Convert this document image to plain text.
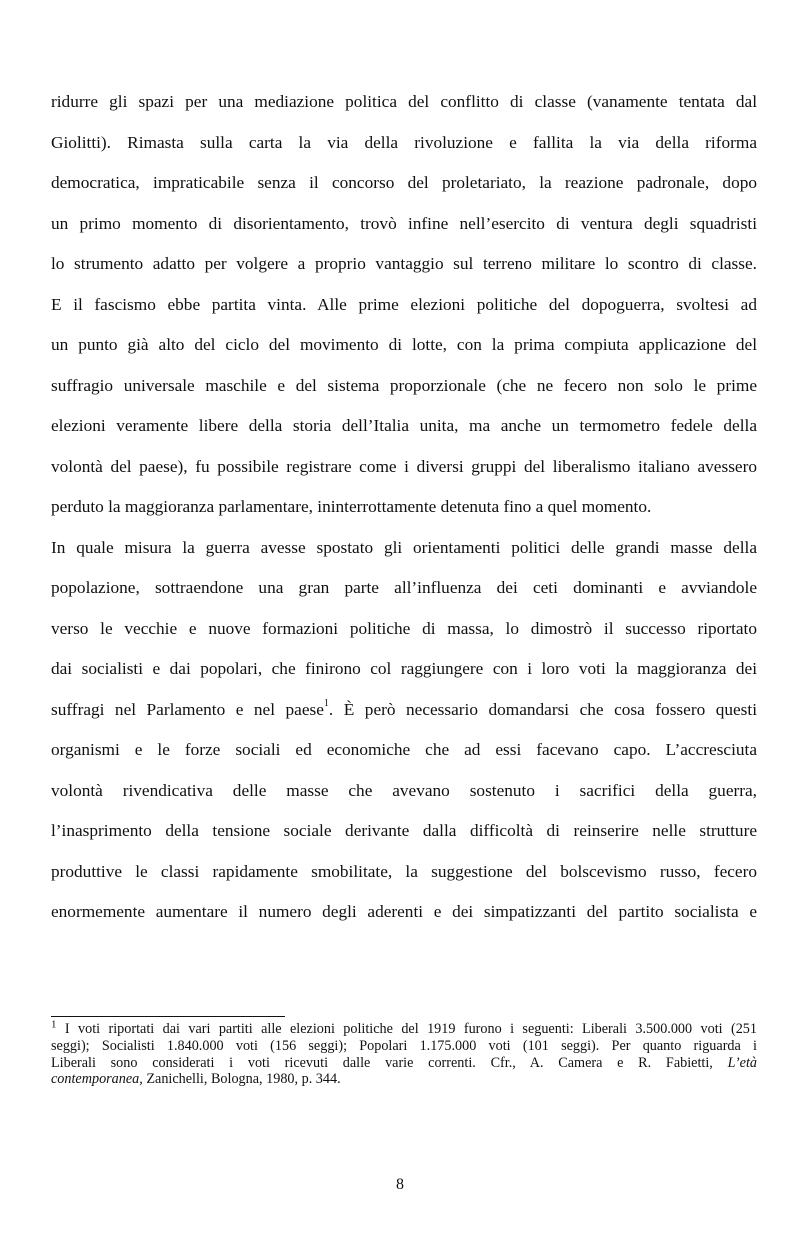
ridurre gli spazi per una mediazione politica del conflitto di classe (vanamente tentata dal
Giolitti). Rimasta sulla carta la via della rivoluzione e fallita la via della riforma
democratica, impraticabile senza il concorso del proletariato, la reazione padronale, dopo
un primo momento di disorientamento, trovò infine nell’esercito di ventura degli squadristi
lo strumento adatto per volgere a proprio vantaggio sul terreno militare lo scontro di classe.
E il fascismo ebbe partita vinta. Alle prime elezioni politiche del dopoguerra, svoltesi ad
un punto già alto del ciclo del movimento di lotte, con la prima compiuta applicazione del
suffragio universale maschile e del sistema proporzionale (che ne fecero non solo le prime
elezioni veramente libere della storia dell’Italia unita, ma anche un termometro fedele della
volontà del paese), fu possibile registrare come i diversi gruppi del liberalismo italiano avessero
perduto la maggioranza parlamentare, ininterrottamente detenuta fino a quel momento.
In quale misura la guerra avesse spostato gli orientamenti politici delle grandi masse della
popolazione, sottraendone una gran parte all’influenza dei ceti dominanti e avviandole
verso le vecchie e nuove formazioni politiche di massa, lo dimostrò il successo riportato
dai socialisti e dai popolari, che finirono col raggiungere con i loro voti la maggioranza dei
suffragi nel Parlamento e nel paese$^1$. È però necessario domandarsi che cosa fossero questi
organismi e le forze sociali ed economiche che ad essi facevano capo. L’accresciuta
volontà rivendicativa delle masse che avevano sostenuto i sacrifici della guerra,
l’inasprimento della tensione sociale derivante dalla difficoltà di reinserire nelle strutture
produttive le classi rapidamente smobilitate, la suggestione del bolscevismo russo, fecero
enormemente aumentare il numero degli aderenti e dei simpatizzanti del partito socialista e
$^1$ I voti riportati dai vari partiti alle elezioni politiche del 1919 furono i seguenti: Liberali 3.500.000 voti (251
seggi); Socialisti 1.840.000 voti (156 seggi); Popolari 1.175.000 voti (101 seggi). Per quanto riguarda i
Liberali sono considerati i voti ricevuti dalle varie correnti. Cfr., A. Camera e R. Fabietti, L’età
contemporanea, Zanichelli, Bologna, 1980, p. 344.
8
